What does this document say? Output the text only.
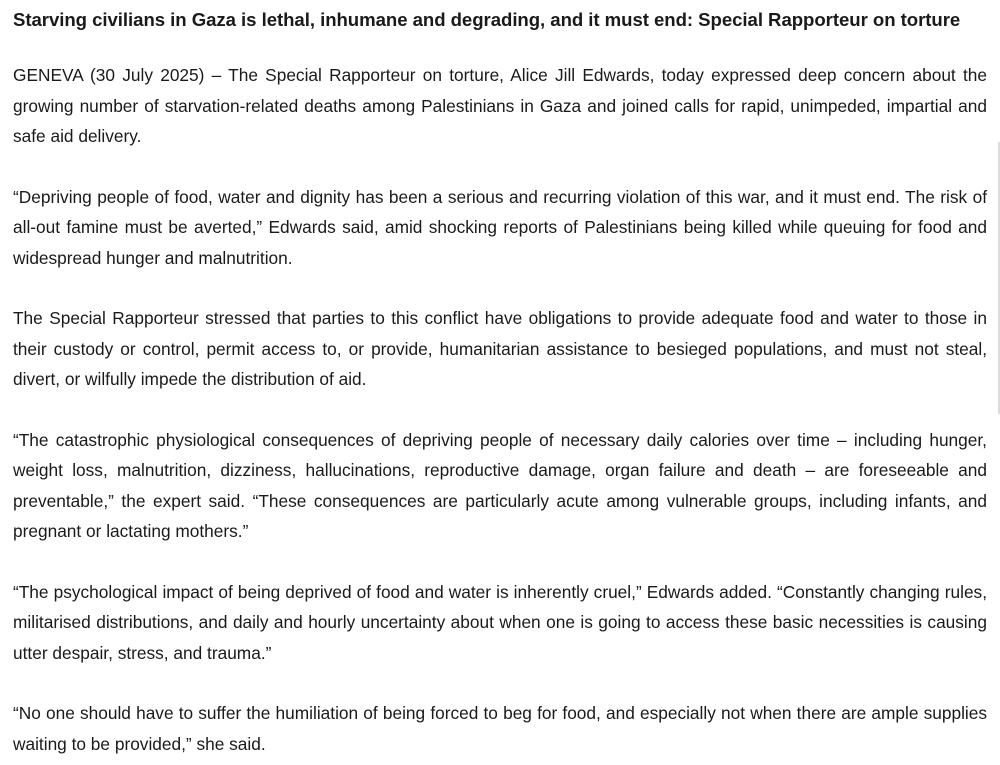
Starving civilians in Gaza is lethal, inhumane and degrading, and it must end: Special Rapporteur on torture

GENEVA (30 July 2025) – The Special Rapporteur on torture, Alice Jill Edwards, today expressed deep concern about the growing number of starvation-related deaths among Palestinians in Gaza and joined calls for rapid, unimpeded, impartial and safe aid delivery.

“Depriving people of food, water and dignity has been a serious and recurring violation of this war, and it must end. The risk of all-out famine must be averted,” Edwards said, amid shocking reports of Palestinians being killed while queuing for food and widespread hunger and malnutrition.

The Special Rapporteur stressed that parties to this conflict have obligations to provide adequate food and water to those in their custody or control, permit access to, or provide, humanitarian assistance to besieged populations, and must not steal, divert, or wilfully impede the distribution of aid.

“The catastrophic physiological consequences of depriving people of necessary daily calories over time – including hunger, weight loss, malnutrition, dizziness, hallucinations, reproductive damage, organ failure and death – are foreseeable and preventable,” the expert said. “These consequences are particularly acute among vulnerable groups, including infants, and pregnant or lactating mothers.”

“The psychological impact of being deprived of food and water is inherently cruel,” Edwards added. “Constantly changing rules, militarised distributions, and daily and hourly uncertainty about when one is going to access these basic necessities is causing utter despair, stress, and trauma.”

“No one should have to suffer the humiliation of being forced to beg for food, and especially not when there are ample supplies waiting to be provided,” she said.
